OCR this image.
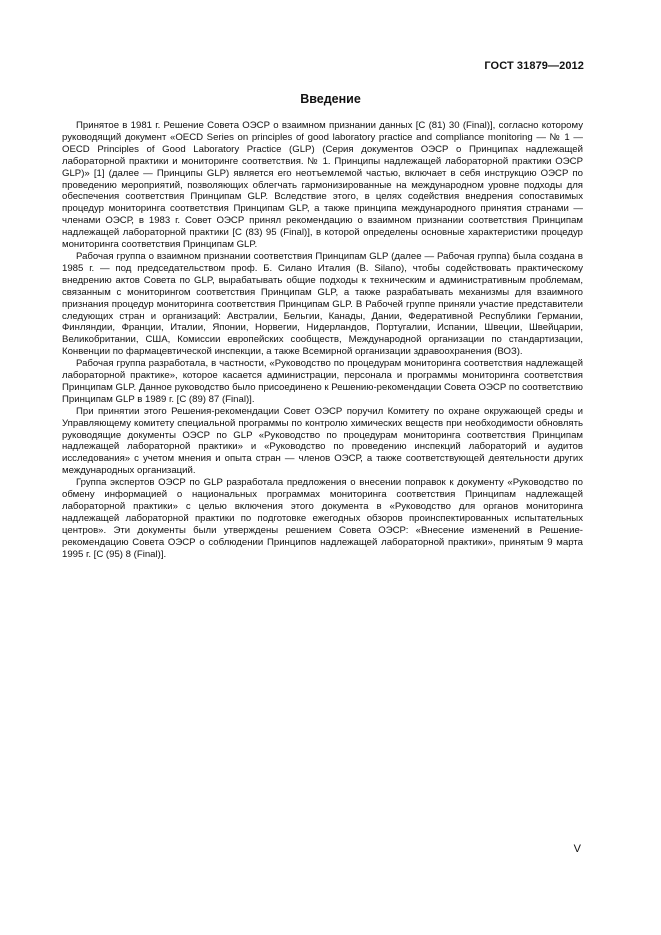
ГОСТ 31879—2012
Введение

Принятое в 1981 г. Решение Совета ОЭСР о взаимном признании данных [C (81) 30 (Final)], согласно которому руководящий документ «OECD Series on principles of good laboratory practice and compliance monitoring — № 1 — OECD Principles of Good Laboratory Practice (GLP) (Серия документов ОЭСР о Принципах надлежащей лабораторной практики и мониторинге соответствия. № 1. Принципы надлежащей лабораторной практики ОЭСР GLP)» [1] (далее — Принципы GLP) является его неотъемлемой частью, включает в себя инструкцию ОЭСР по проведению мероприятий, позволяющих облегчать гармонизированные на международном уровне подходы для обеспечения соответствия Принципам GLP. Вследствие этого, в целях содействия внедрения сопоставимых процедур мониторинга соответствия Принципам GLP, а также принципа международного принятия странами — членами ОЭСР, в 1983 г. Совет ОЭСР принял рекомендацию о взаимном признании соответствия Принципам надлежащей лабораторной практики [C (83) 95 (Final)], в которой определены основные характеристики процедур мониторинга соответствия Принципам GLP.

Рабочая группа о взаимном признании соответствия Принципам GLP (далее — Рабочая группа) была создана в 1985 г. — под председательством проф. Б. Силано Италия (B. Silano), чтобы содействовать практическому внедрению актов Совета по GLP, вырабатывать общие подходы к техническим и административным проблемам, связанным с мониторингом соответствия Принципам GLP, а также разрабатывать механизмы для взаимного признания процедур мониторинга соответствия Принципам GLP. В Рабочей группе приняли участие представители следующих стран и организаций: Австралии, Бельгии, Канады, Дании, Федеративной Республики Германии, Финляндии, Франции, Италии, Японии, Норвегии, Нидерландов, Португалии, Испании, Швеции, Швейцарии, Великобритании, США, Комиссии европейских сообществ, Международной организации по стандартизации, Конвенции по фармацевтической инспекции, а также Всемирной организации здравоохранения (ВОЗ).

Рабочая группа разработала, в частности, «Руководство по процедурам мониторинга соответствия надлежащей лабораторной практике», которое касается администрации, персонала и программы мониторинга соответствия Принципам GLP. Данное руководство было присоединено к Решению-рекомендации Совета ОЭСР по соответствию Принципам GLP в 1989 г. [C (89) 87 (Final)].

При принятии этого Решения-рекомендации Совет ОЭСР поручил Комитету по охране окружающей среды и Управляющему комитету специальной программы по контролю химических веществ при необходимости обновлять руководящие документы ОЭСР по GLP «Руководство по процедурам мониторинга соответствия Принципам надлежащей лабораторной практики» и «Руководство по проведению инспекций лабораторий и аудитов исследования» с учетом мнения и опыта стран — членов ОЭСР, а также соответствующей деятельности других международных организаций.

Группа экспертов ОЭСР по GLP разработала предложения о внесении поправок к документу «Руководство по обмену информацией о национальных программах мониторинга соответствия Принципам надлежащей лабораторной практики» с целью включения этого документа в «Руководство для органов мониторинга надлежащей лабораторной практики по подготовке ежегодных обзоров проинспектированных испытательных центров». Эти документы были утверждены решением Совета ОЭСР: «Внесение изменений в Решение-рекомендацию Совета ОЭСР о соблюдении Принципов надлежащей лабораторной практики», принятым 9 марта 1995 г. [C (95) 8 (Final)].

V
